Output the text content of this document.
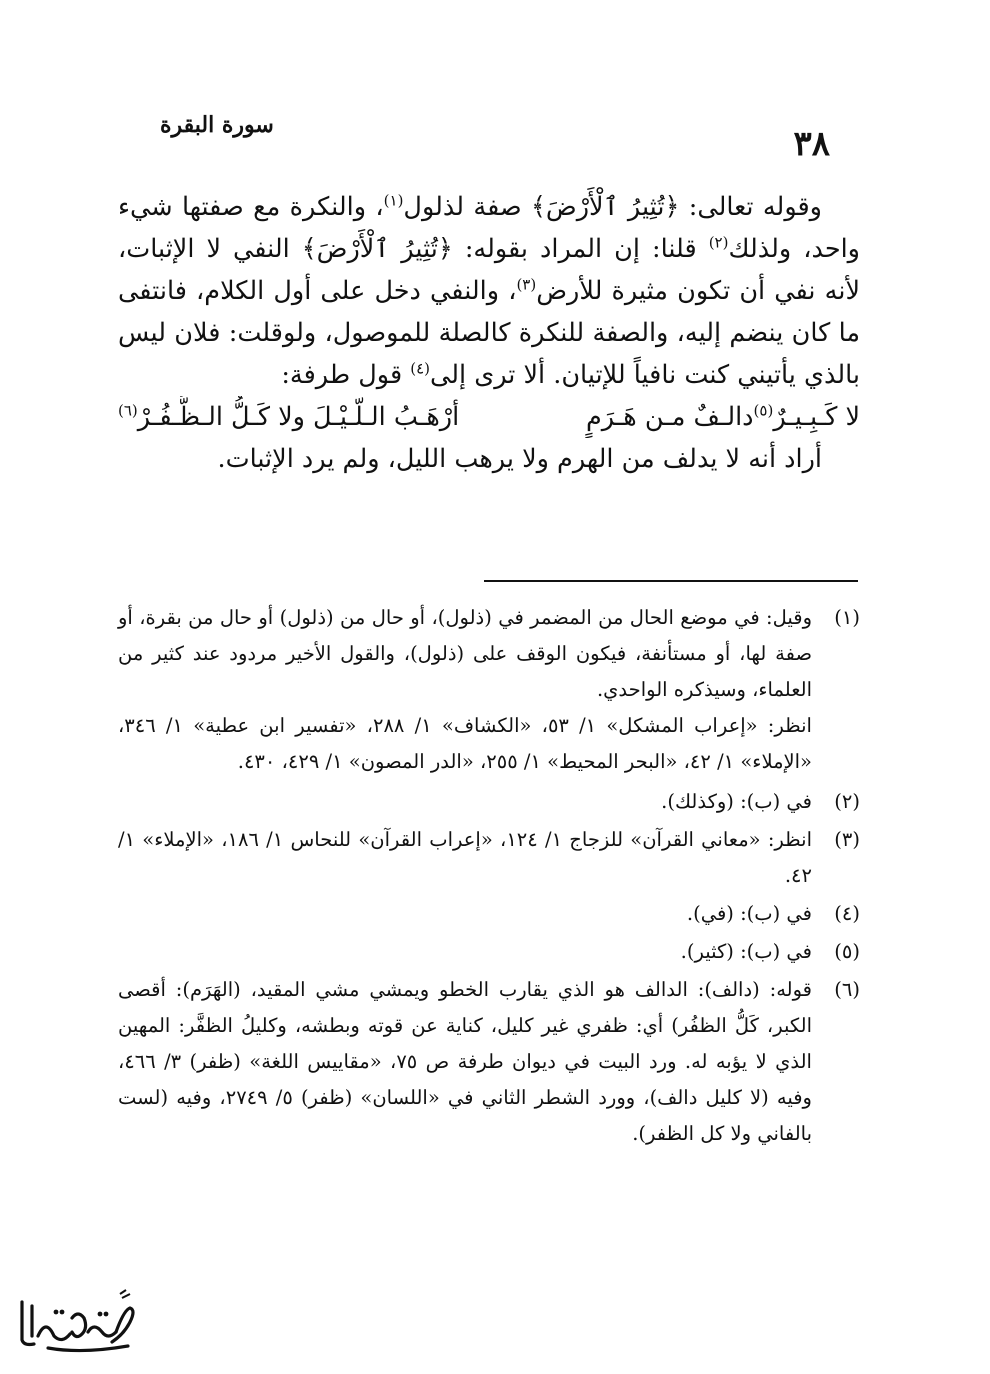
٣٨
سورة البقرة

وقوله تعالى: ﴿تُثِيرُ ٱلْأَرْضَ﴾ صفة لذلول$^{(١)}$، والنكرة مع صفتها شيء واحد، ولذلك$^{(٢)}$ قلنا: إن المراد بقوله: ﴿تُثِيرُ ٱلْأَرْضَ﴾ النفي لا الإثبات، لأنه نفي أن تكون مثيرة للأرض$^{(٣)}$، والنفي دخل على أول الكلام، فانتفى ما كان ينضم إليه، والصفة للنكرة كالصلة للموصول، ولوقلت: فلان ليس بالذي يأتيني كنت نافياً للإتيان. ألا ترى إلى$^{(٤)}$ قول طرفة:

لا كَـبِـيـرٌ$^{(٥)}$دالـفٌ مـن هَـرَمٍ أرْهَـبُ الـلّـيْـلَ ولا كَـلُّ الـظُّـفُـرْ$^{(٦)}$

أراد أنه لا يدلف من الهرم ولا يرهب الليل، ولم يرد الإثبات.

(١)

وقيل: في موضع الحال من المضمر في (ذلول)، أو حال من (ذلول) أو حال من بقرة، أو صفة لها، أو مستأنفة، فيكون الوقف على (ذلول)، والقول الأخير مردود عند كثير من العلماء، وسيذكره الواحدي.

انظر: «إعراب المشكل» ١/ ٥٣، «الكشاف» ١/ ٢٨٨، «تفسير ابن عطية» ١/ ٣٤٦، «الإملاء» ١/ ٤٢، «البحر المحيط» ١/ ٢٥٥، «الدر المصون» ١/ ٤٢٩، ٤٣٠.

(٢)

في (ب): (وكذلك).

(٣)

انظر: «معاني القرآن» للزجاج ١/ ١٢٤، «إعراب القرآن» للنحاس ١/ ١٨٦، «الإملاء» ١/ ٤٢.

(٤)

في (ب): (في).

(٥)

في (ب): (كثير).

(٦)

قوله: (دالف): الدالف هو الذي يقارب الخطو ويمشي مشي المقيد، (الهَرَم): أقصى الكبر، كَلُّ الظفُر) أي: ظفري غير كليل، كناية عن قوته وبطشه، وكليلُ الظفَّر: المهين الذي لا يؤبه له. ورد البيت في ديوان طرفة ص ٧٥، «مقاييس اللغة» (ظفر) ٣/ ٤٦٦، وفيه (لا كليل دالف)، وورد الشطر الثاني في «اللسان» (ظفر) ٥/ ٢٧٤٩، وفيه (لست بالفاني ولا كل الظفر).
